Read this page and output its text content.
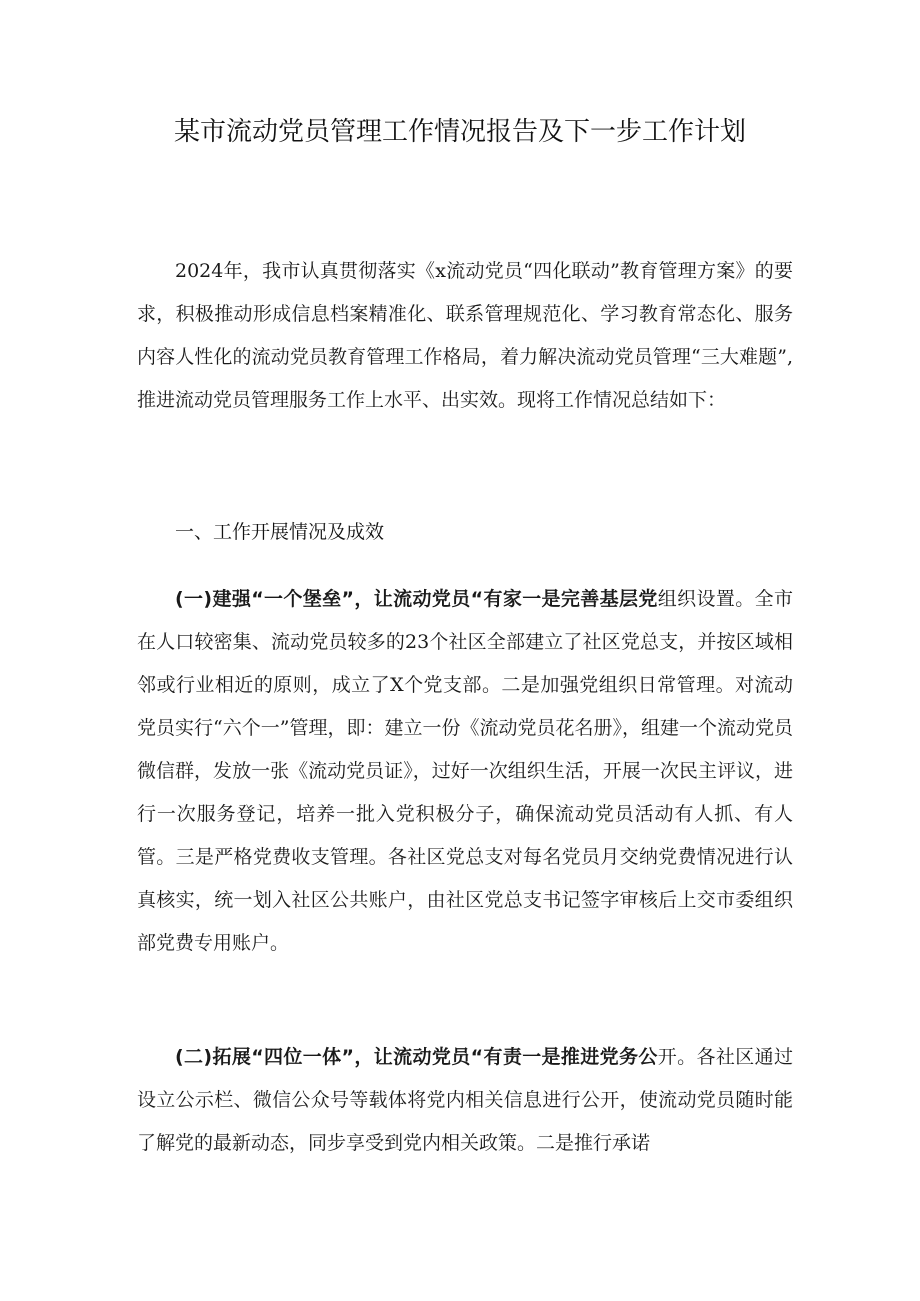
某市流动党员管理工作情况报告及下一步工作计划

2024年，我市认真贯彻落实《x流动党员“四化联动”教育管理方案》的要求，积极推动形成信息档案精准化、联系管理规范化、学习教育常态化、服务内容人性化的流动党员教育管理工作格局，着力解决流动党员管理“三大难题”,推进流动党员管理服务工作上水平、出实效。现将工作情况总结如下：

一、工作开展情况及成效

(一)建强“一个堡垒”，让流动党员“有家一是完善基层党组织设置。全市在人口较密集、流动党员较多的23个社区全部建立了社区党总支，并按区域相邻或行业相近的原则，成立了X个党支部。二是加强党组织日常管理。对流动党员实行“六个一”管理，即：建立一份《流动党员花名册》，组建一个流动党员微信群，发放一张《流动党员证》，过好一次组织生活，开展一次民主评议，进行一次服务登记，培养一批入党积极分子，确保流动党员活动有人抓、有人管。三是严格党费收支管理。各社区党总支对每名党员月交纳党费情况进行认真核实，统一划入社区公共账户，由社区党总支书记签字审核后上交市委组织部党费专用账户。

(二)拓展“四位一体”，让流动党员“有责一是推进党务公开。各社区通过设立公示栏、微信公众号等载体将党内相关信息进行公开，使流动党员随时能了解党的最新动态，同步享受到党内相关政策。二是推行承诺
